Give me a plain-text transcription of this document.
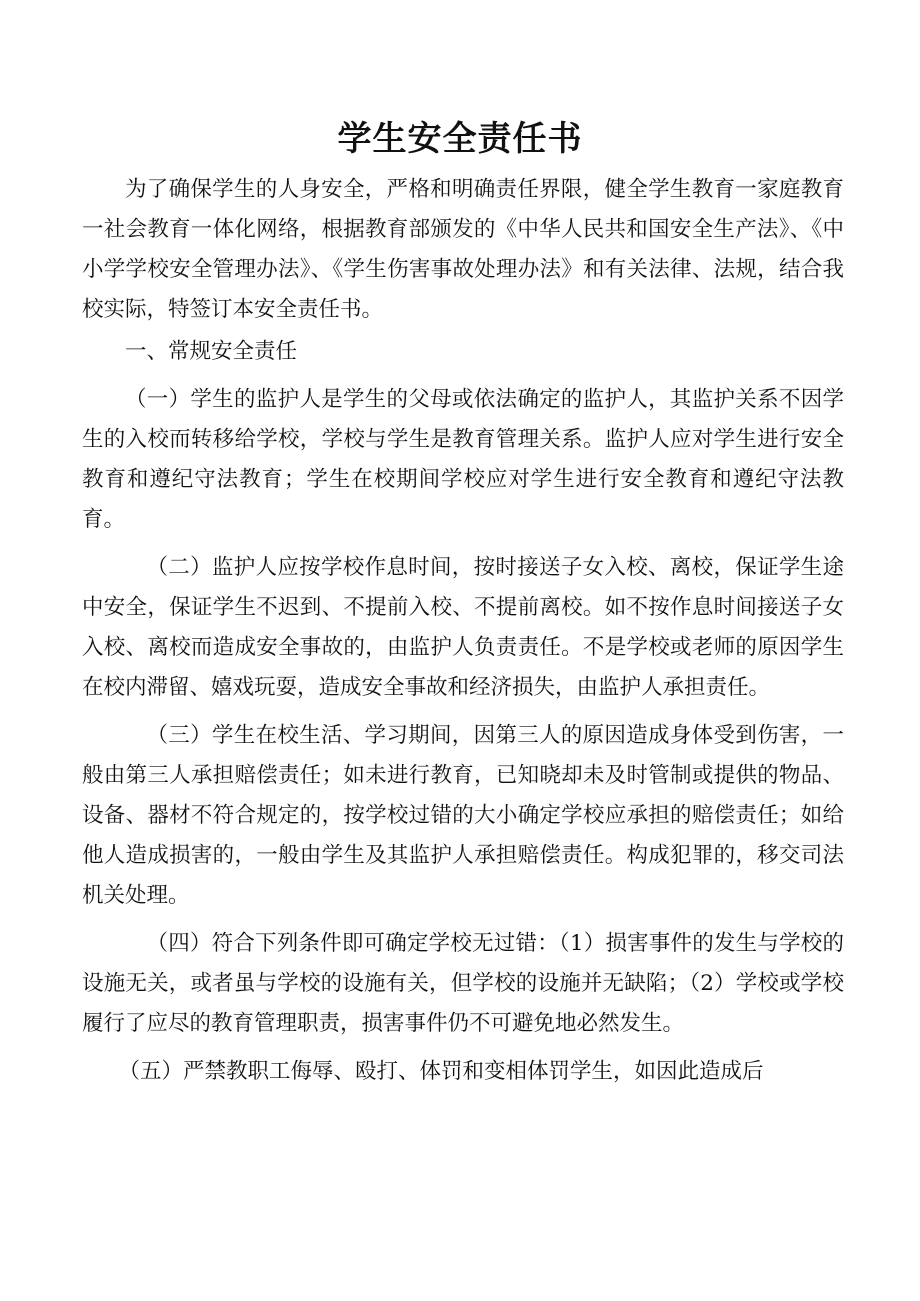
学生安全责任书

为了确保学生的人身安全，严格和明确责任界限，健全学生教育一家庭教育一社会教育一体化网络，根据教育部颁发的《中华人民共和国安全生产法》、《中小学学校安全管理办法》、《学生伤害事故处理办法》和有关法律、法规，结合我校实际，特签订本安全责任书。

一、常规安全责任

（一）学生的监护人是学生的父母或依法确定的监护人，其监护关系不因学生的入校而转移给学校，学校与学生是教育管理关系。监护人应对学生进行安全教育和遵纪守法教育；学生在校期间学校应对学生进行安全教育和遵纪守法教育。

（二）监护人应按学校作息时间，按时接送子女入校、离校，保证学生途中安全，保证学生不迟到、不提前入校、不提前离校。如不按作息时间接送子女入校、离校而造成安全事故的，由监护人负责责任。不是学校或老师的原因学生在校内滞留、嬉戏玩耍，造成安全事故和经济损失，由监护人承担责任。

（三）学生在校生活、学习期间，因第三人的原因造成身体受到伤害，一般由第三人承担赔偿责任；如未进行教育，已知晓却未及时管制或提供的物品、设备、器材不符合规定的，按学校过错的大小确定学校应承担的赔偿责任；如给他人造成损害的，一般由学生及其监护人承担赔偿责任。构成犯罪的，移交司法机关处理。

（四）符合下列条件即可确定学校无过错：（1）损害事件的发生与学校的设施无关，或者虽与学校的设施有关，但学校的设施并无缺陷；（2）学校或学校履行了应尽的教育管理职责，损害事件仍不可避免地必然发生。

（五）严禁教职工侮辱、殴打、体罚和变相体罚学生，如因此造成后
